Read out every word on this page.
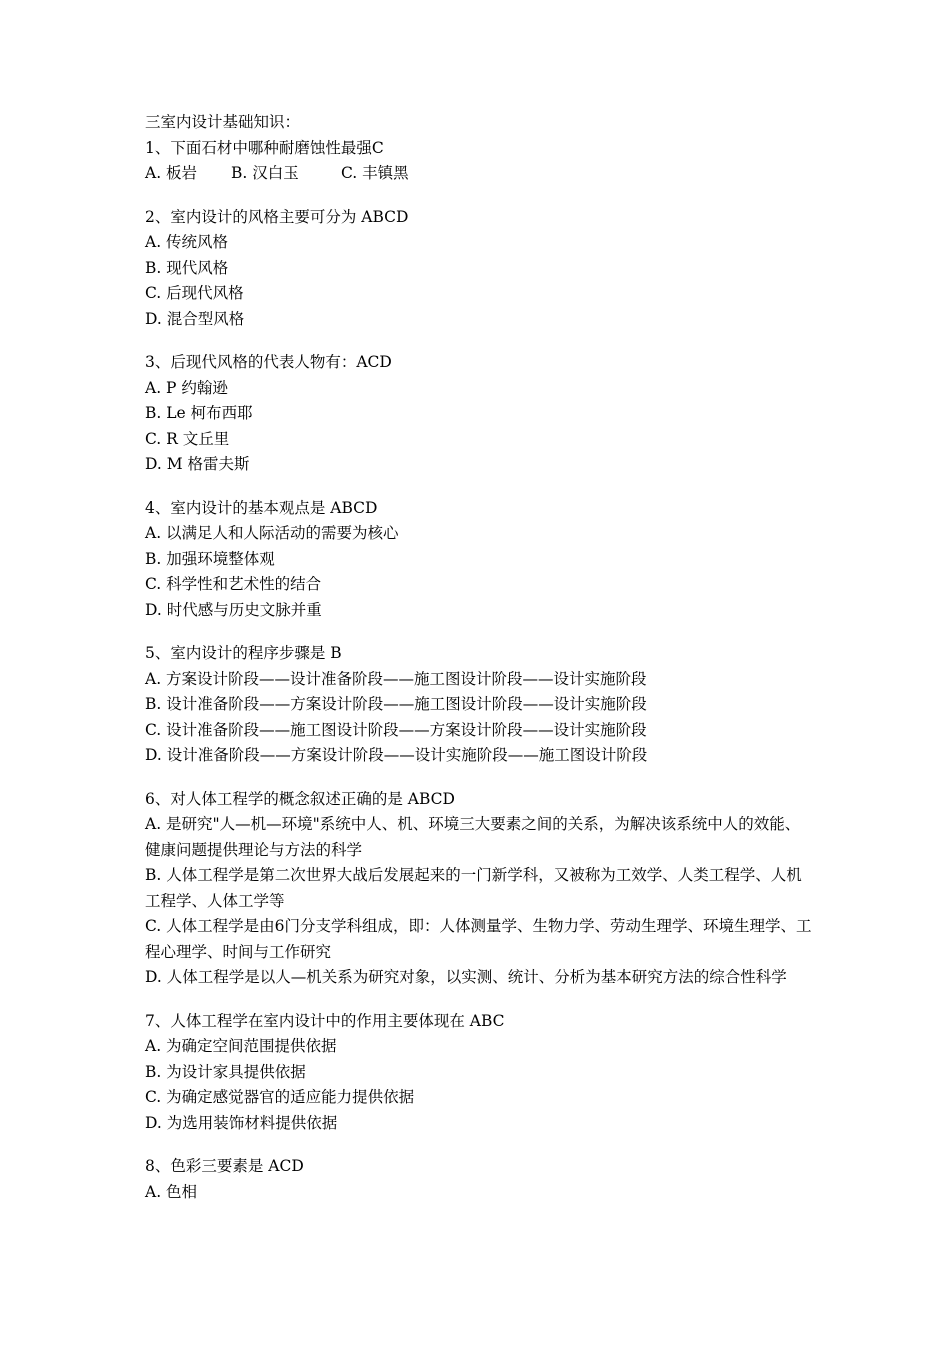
三室内设计基础知识：
1、下面石材中哪种耐磨蚀性最强C
A. 板岩 B. 汉白玉	C. 丰镇黑
2、室内设计的风格主要可分为 ABCD
A. 传统风格
B. 现代风格
C. 后现代风格
D. 混合型风格
3、后现代风格的代表人物有：ACD
A. P 约翰逊
B. Le 柯布西耶
C. R 文丘里
D. M 格雷夫斯
4、室内设计的基本观点是 ABCD
A. 以满足人和人际活动的需要为核心
B. 加强环境整体观
C. 科学性和艺术性的结合
D. 时代感与历史文脉并重
5、室内设计的程序步骤是 B
A. 方案设计阶段——设计准备阶段——施工图设计阶段——设计实施阶段
B. 设计准备阶段——方案设计阶段——施工图设计阶段——设计实施阶段
C. 设计准备阶段——施工图设计阶段——方案设计阶段——设计实施阶段
D. 设计准备阶段——方案设计阶段——设计实施阶段——施工图设计阶段
6、对人体工程学的概念叙述正确的是 ABCD
A. 是研究"人—机—环境"系统中人、机、环境三大要素之间的关系，为解决该系统中人的效能、健康问题提供理论与方法的科学
B. 人体工程学是第二次世界大战后发展起来的一门新学科，又被称为工效学、人类工程学、人机工程学、人体工学等
C. 人体工程学是由6门分支学科组成，即：人体测量学、生物力学、劳动生理学、环境生理学、工程心理学、时间与工作研究
D. 人体工程学是以人—机关系为研究对象，以实测、统计、分析为基本研究方法的综合性科学
7、人体工程学在室内设计中的作用主要体现在 ABC
A. 为确定空间范围提供依据
B. 为设计家具提供依据
C. 为确定感觉器官的适应能力提供依据
D. 为选用装饰材料提供依据
8、色彩三要素是 ACD
A. 色相
